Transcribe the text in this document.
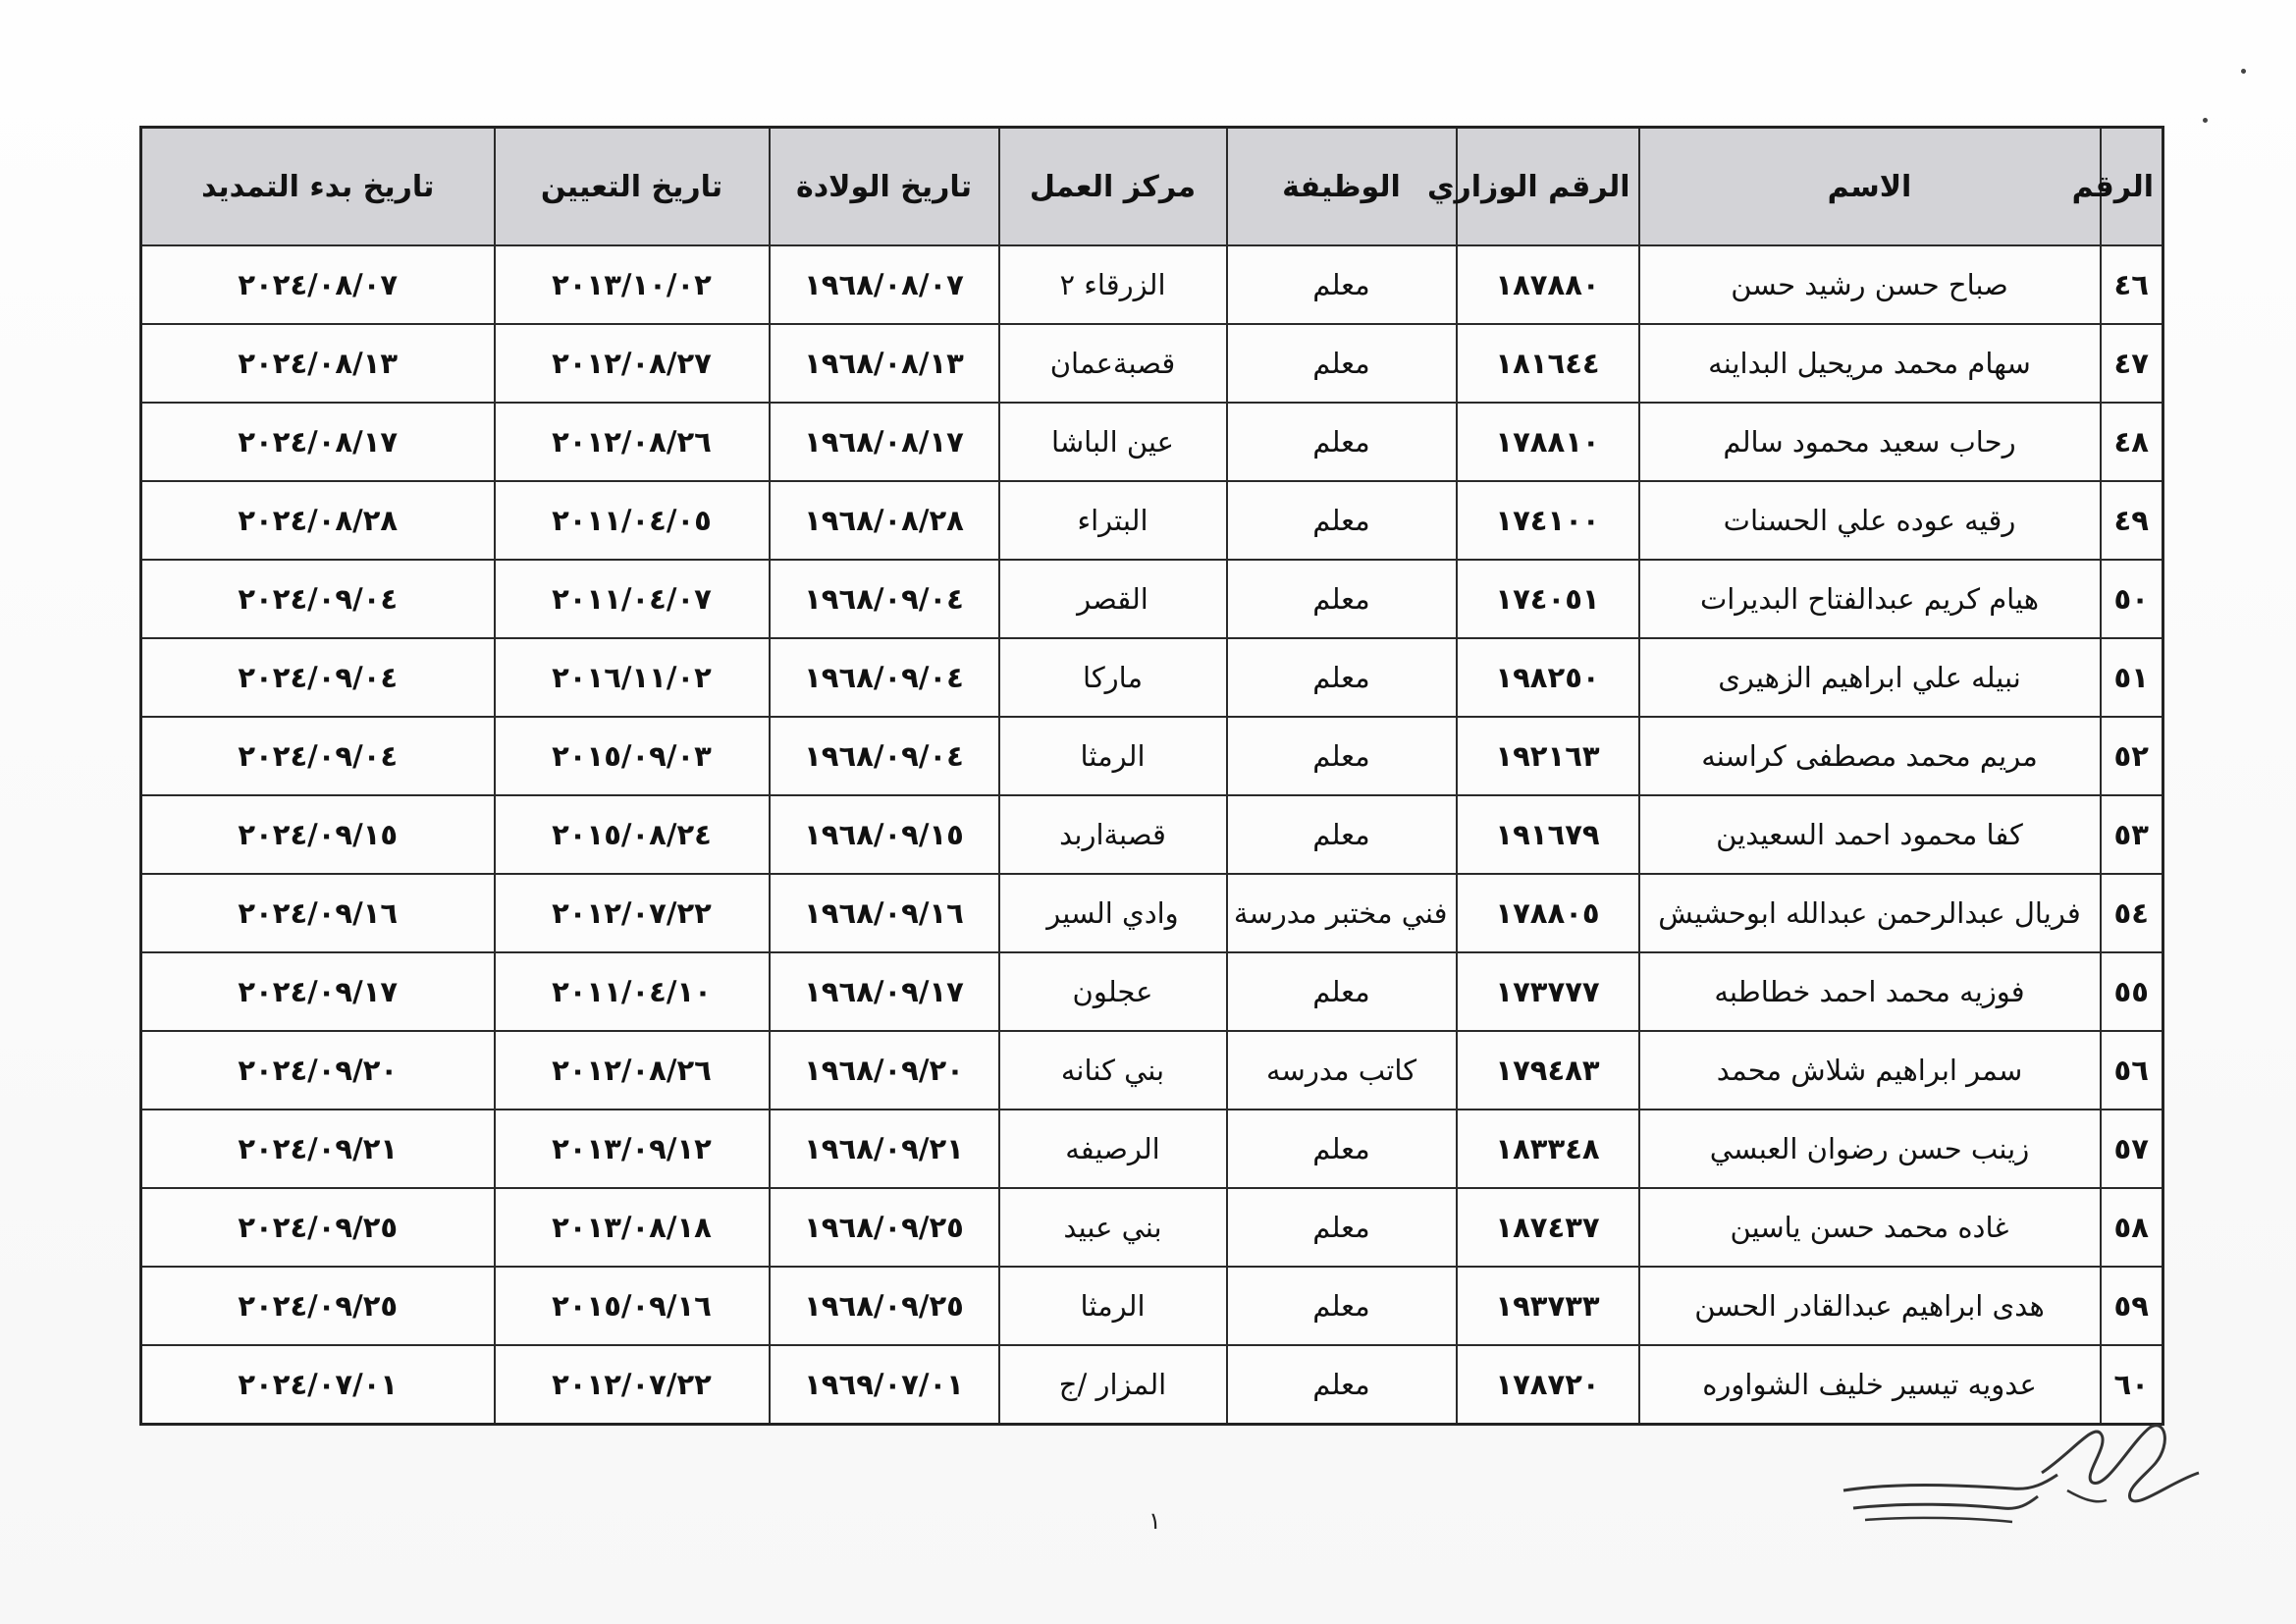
الرقم	الاسم	الرقم الوزاري	الوظيفة	مركز العمل	تاريخ الولادة	تاريخ التعيين	تاريخ بدء التمديد
٤٦	صباح حسن رشيد حسن	١٨٧٨٨٠	معلم	الزرقاء ٢	١٩٦٨/٠٨/٠٧	٢٠١٣/١٠/٠٢	٢٠٢٤/٠٨/٠٧
٤٧	سهام محمد مريحيل البداينه	١٨١٦٤٤	معلم	قصبةعمان	١٩٦٨/٠٨/١٣	٢٠١٢/٠٨/٢٧	٢٠٢٤/٠٨/١٣
٤٨	رحاب سعيد محمود سالم	١٧٨٨١٠	معلم	عين الباشا	١٩٦٨/٠٨/١٧	٢٠١٢/٠٨/٢٦	٢٠٢٤/٠٨/١٧
٤٩	رقيه عوده علي الحسنات	١٧٤١٠٠	معلم	البتراء	١٩٦٨/٠٨/٢٨	٢٠١١/٠٤/٠٥	٢٠٢٤/٠٨/٢٨
٥٠	هيام كريم عبدالفتاح البديرات	١٧٤٠٥١	معلم	القصر	١٩٦٨/٠٩/٠٤	٢٠١١/٠٤/٠٧	٢٠٢٤/٠٩/٠٤
٥١	نبيله علي ابراهيم الزهيرى	١٩٨٢٥٠	معلم	ماركا	١٩٦٨/٠٩/٠٤	٢٠١٦/١١/٠٢	٢٠٢٤/٠٩/٠٤
٥٢	مريم محمد مصطفى كراسنه	١٩٢١٦٣	معلم	الرمثا	١٩٦٨/٠٩/٠٤	٢٠١٥/٠٩/٠٣	٢٠٢٤/٠٩/٠٤
٥٣	كفا محمود احمد السعيدين	١٩١٦٧٩	معلم	قصبةاربد	١٩٦٨/٠٩/١٥	٢٠١٥/٠٨/٢٤	٢٠٢٤/٠٩/١٥
٥٤	فريال عبدالرحمن عبدالله ابوحشيش	١٧٨٨٠٥	فني مختبر مدرسة	وادي السير	١٩٦٨/٠٩/١٦	٢٠١٢/٠٧/٢٢	٢٠٢٤/٠٩/١٦
٥٥	فوزيه محمد احمد خطاطبه	١٧٣٧٧٧	معلم	عجلون	١٩٦٨/٠٩/١٧	٢٠١١/٠٤/١٠	٢٠٢٤/٠٩/١٧
٥٦	سمر ابراهيم شلاش محمد	١٧٩٤٨٣	كاتب مدرسه	بني كنانه	١٩٦٨/٠٩/٢٠	٢٠١٢/٠٨/٢٦	٢٠٢٤/٠٩/٢٠
٥٧	زينب حسن رضوان العبسي	١٨٣٣٤٨	معلم	الرصيفه	١٩٦٨/٠٩/٢١	٢٠١٣/٠٩/١٢	٢٠٢٤/٠٩/٢١
٥٨	غاده محمد حسن ياسين	١٨٧٤٣٧	معلم	بني عبيد	١٩٦٨/٠٩/٢٥	٢٠١٣/٠٨/١٨	٢٠٢٤/٠٩/٢٥
٥٩	هدى ابراهيم عبدالقادر الحسن	١٩٣٧٣٣	معلم	الرمثا	١٩٦٨/٠٩/٢٥	٢٠١٥/٠٩/١٦	٢٠٢٤/٠٩/٢٥
٦٠	عدويه تيسير خليف الشواوره	١٧٨٧٢٠	معلم	المزار /ج	١٩٦٩/٠٧/٠١	٢٠١٢/٠٧/٢٢	٢٠٢٤/٠٧/٠١
١
